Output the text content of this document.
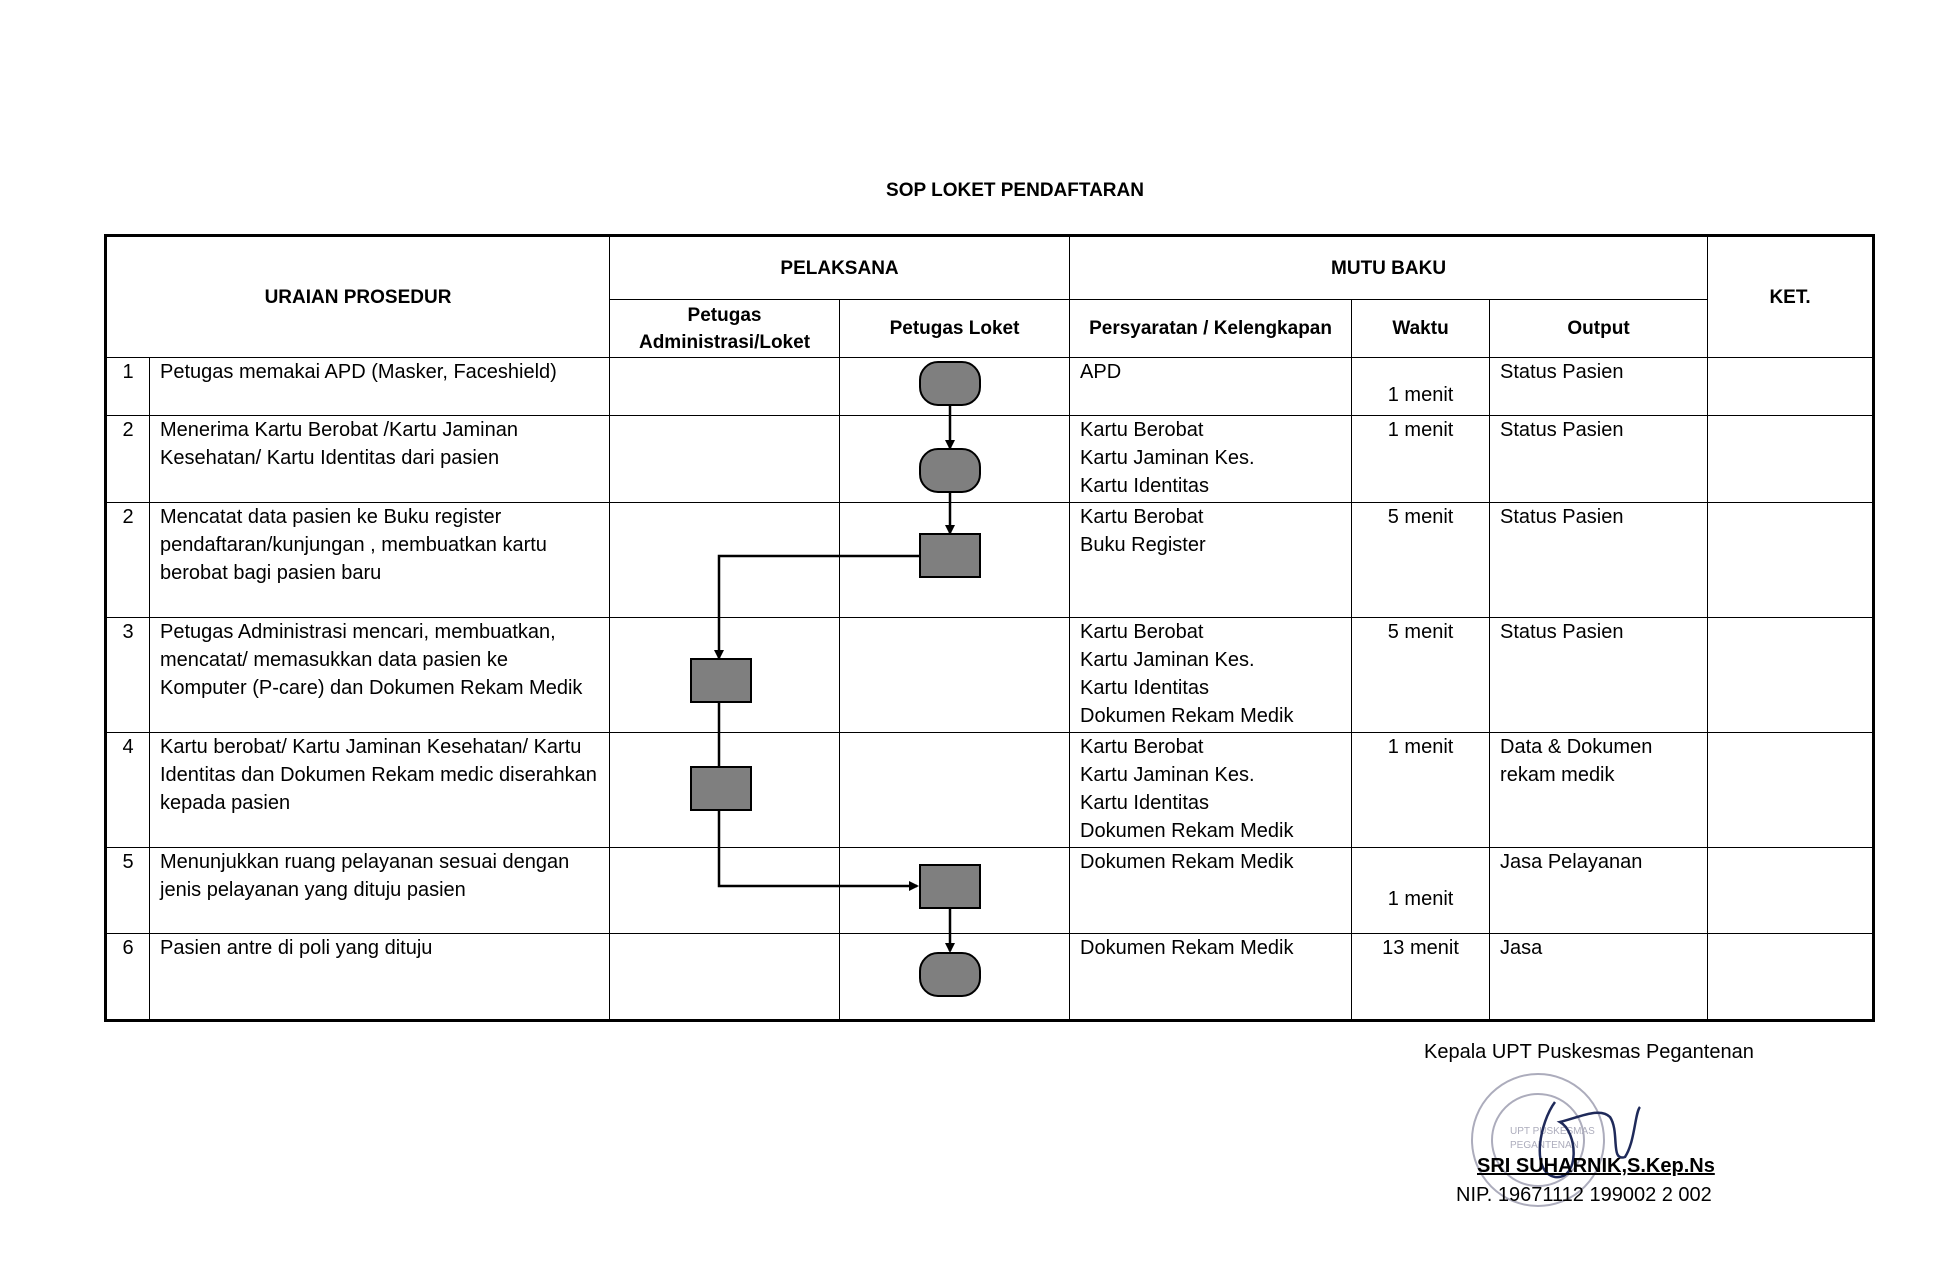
SOP LOKET PENDAFTARAN
URAIAN PROSEDUR		PELAKSANA		MUTU BAKU			KET.
		Petugas Administrasi/Loket	Petugas Loket	Persyaratan / Kelengkapan	Waktu	Output	
1	Petugas memakai APD (Masker, Faceshield)			APD	1 menit	Status Pasien	
2	Menerima Kartu Berobat /Kartu Jaminan Kesehatan/ Kartu Identitas dari pasien			Kartu Berobat
Kartu Jaminan Kes.
Kartu Identitas	1 menit	Status Pasien	
2	Mencatat data pasien ke Buku register pendaftaran/kunjungan , membuatkan kartu berobat bagi pasien baru			Kartu Berobat
Buku Register	5 menit	Status Pasien	
3	Petugas Administrasi mencari, membuatkan, mencatat/ memasukkan data pasien ke Komputer (P-care) dan Dokumen Rekam Medik			Kartu Berobat
Kartu Jaminan Kes.
Kartu Identitas
Dokumen Rekam Medik	5 menit	Status Pasien	
4	Kartu berobat/ Kartu Jaminan Kesehatan/ Kartu Identitas dan Dokumen Rekam medic diserahkan kepada pasien			Kartu Berobat
Kartu Jaminan Kes.
Kartu Identitas
Dokumen Rekam Medik	1 menit	Data & Dokumen rekam medik	
5	Menunjukkan ruang pelayanan sesuai dengan jenis pelayanan yang dituju pasien			Dokumen Rekam Medik	1 menit	Jasa Pelayanan	
6	Pasien antre di poli yang dituju			Dokumen Rekam Medik	13 menit	Jasa	
Kepala UPT Puskesmas Pegantenan
UPT PUSKESMAS
PEGANTENAN
SRI SUHARNIK,S.Kep.Ns
NIP. 19671112 199002 2 002
